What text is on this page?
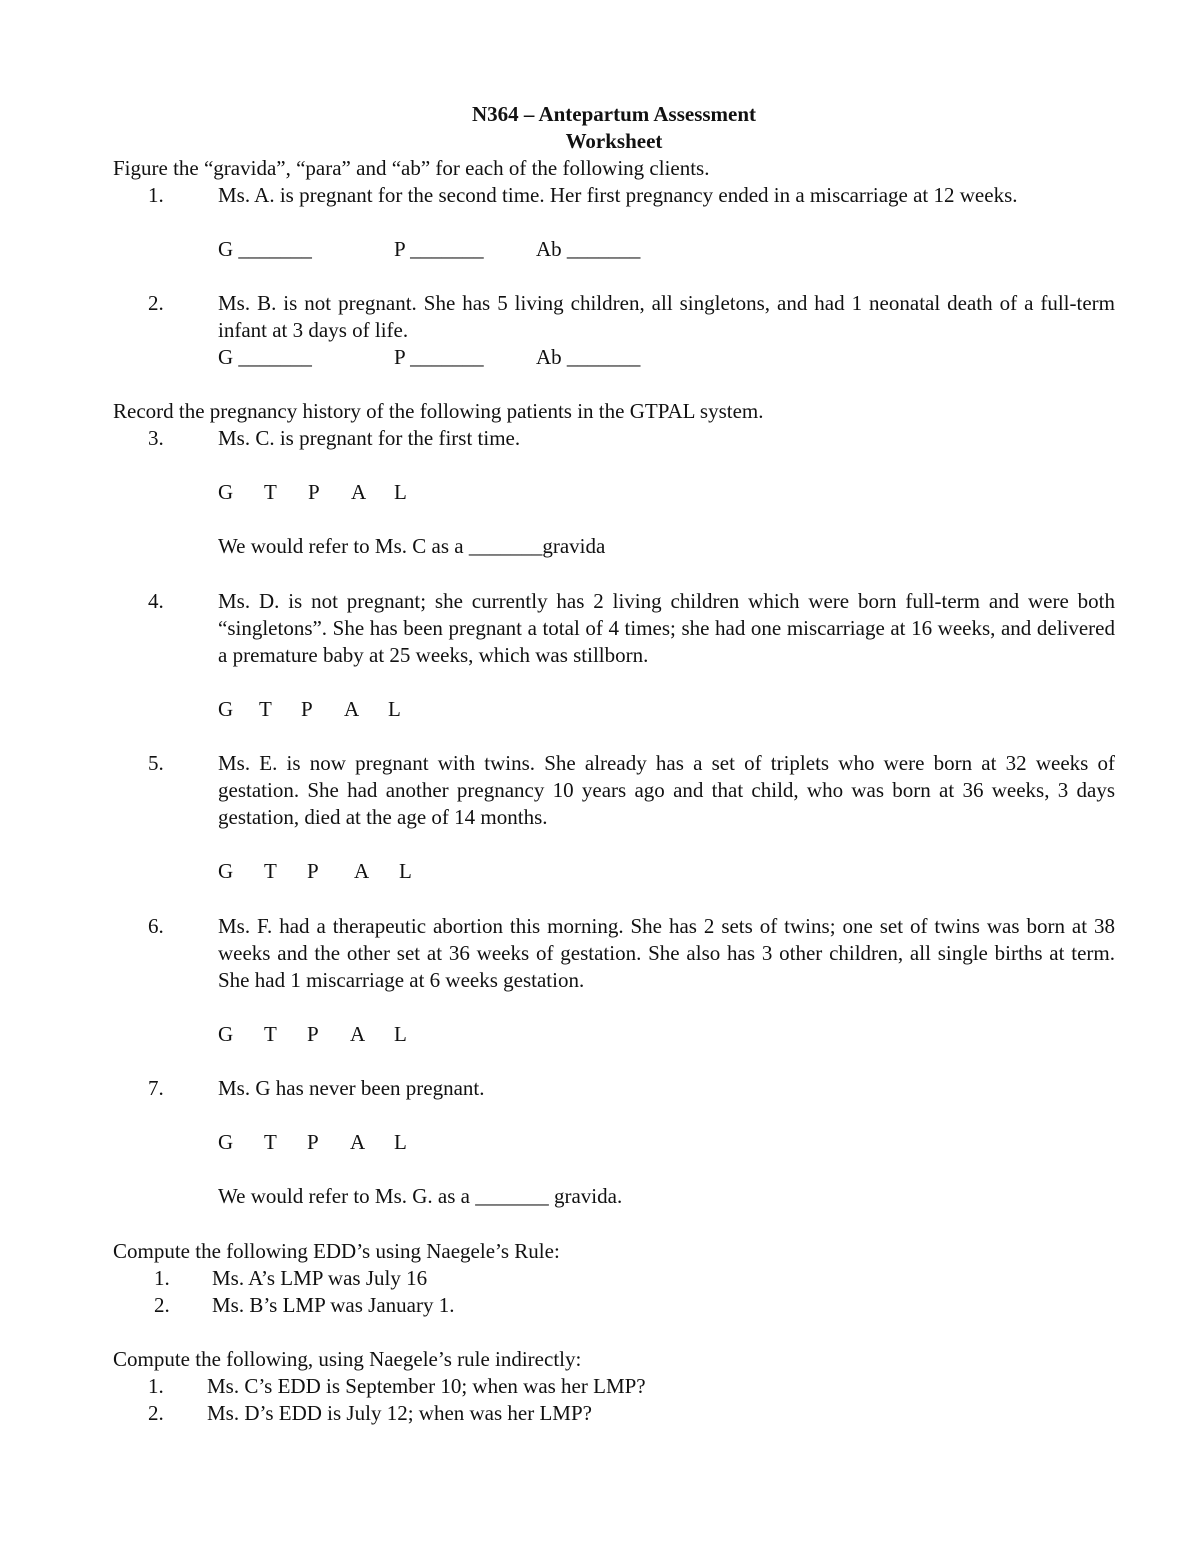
N364 – Antepartum Assessment
Worksheet
Figure the “gravida”, “para” and “ab” for each of the following clients.
1.	Ms. A. is pregnant for the second time. Her first pregnancy ended in a miscarriage at 12 weeks.
G _______	P _______ Ab _______
2.	Ms. B. is not pregnant. She has 5 living children, all singletons, and had 1 neonatal death of a full-term infant at 3 days of life.
G _______	P _______ Ab _______
Record the pregnancy history of the following patients in the GTPAL system.
3.	Ms. C. is pregnant for the first time.
G T P A L
We would refer to Ms. C as a _______gravida
4.	Ms. D. is not pregnant; she currently has 2 living children which were born full-term and were both “singletons”. She has been pregnant a total of 4 times; she had one miscarriage at 16 weeks, and delivered a premature baby at 25 weeks, which was stillborn.
G T P A L
5.	Ms. E. is now pregnant with twins. She already has a set of triplets who were born at 32 weeks of gestation. She had another pregnancy 10 years ago and that child, who was born at 36 weeks, 3 days gestation, died at the age of 14 months.
G T P A L
6.	Ms. F. had a therapeutic abortion this morning. She has 2 sets of twins; one set of twins was born at 38 weeks and the other set at 36 weeks of gestation. She also has 3 other children, all single births at term. She had 1 miscarriage at 6 weeks gestation.
G T P A L
7.	Ms. G has never been pregnant.
G T P A L
We would refer to Ms. G. as a _______ gravida.
Compute the following EDD’s using Naegele’s Rule:
1. Ms. A’s LMP was July 16
2. Ms. B’s LMP was January 1.
Compute the following, using Naegele’s rule indirectly:
1. Ms. C’s EDD is September 10; when was her LMP?
2. Ms. D’s EDD is July 12; when was her LMP?
